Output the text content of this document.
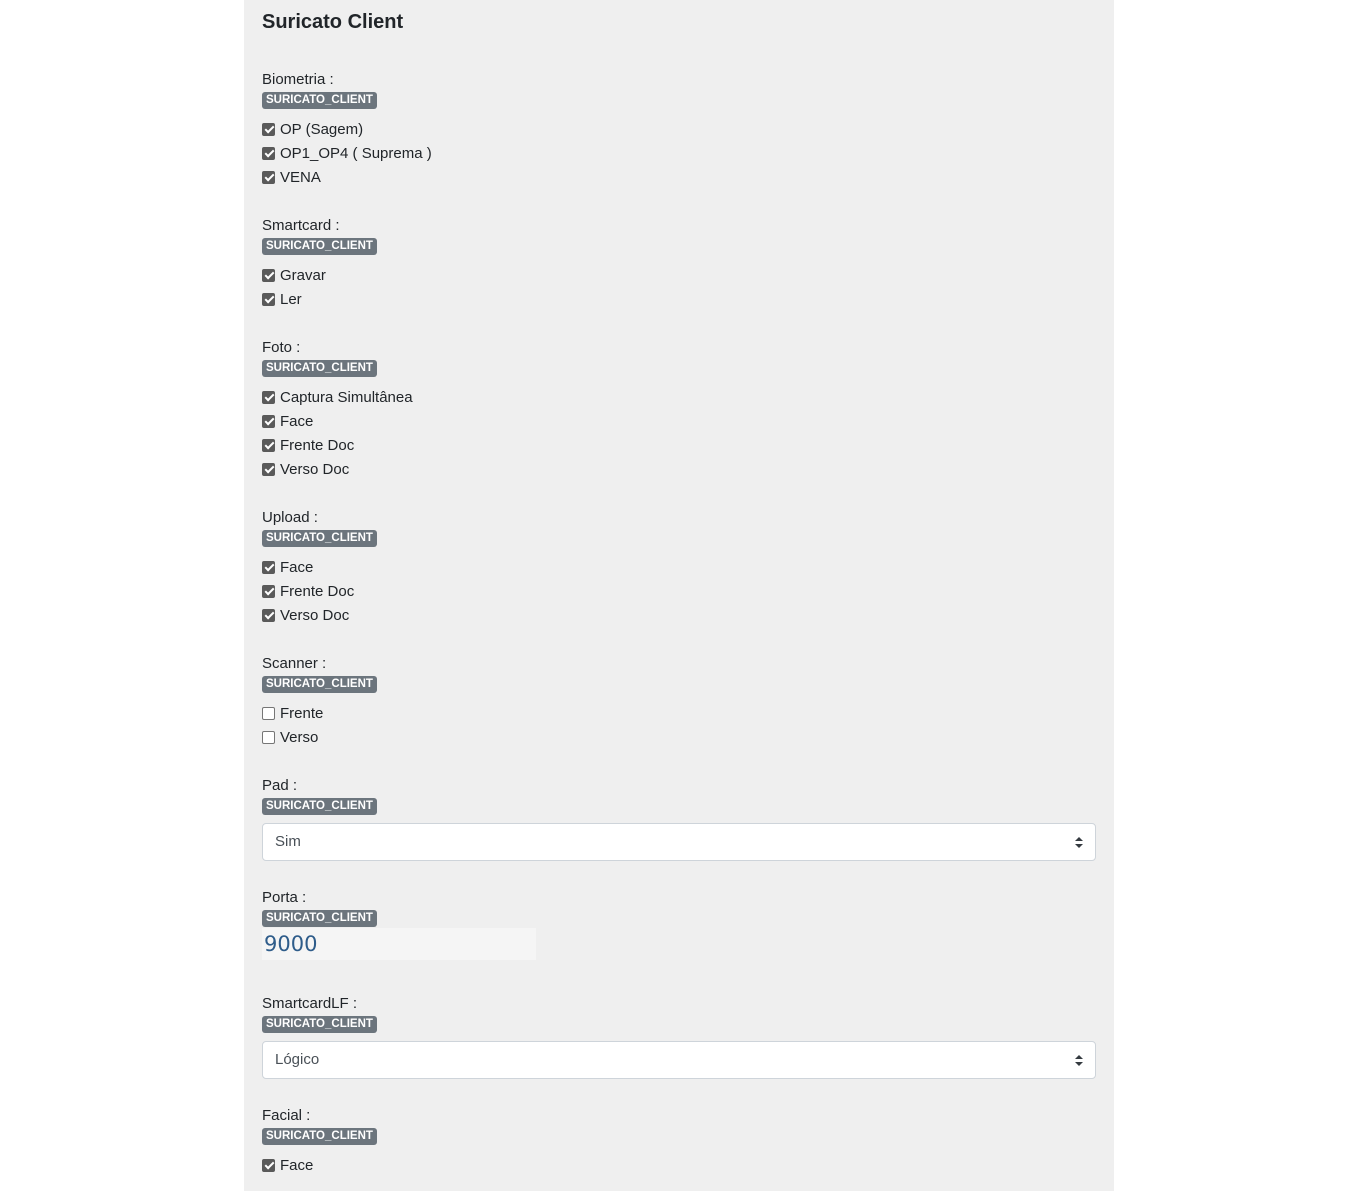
Suricato Client
Biometria :
SURICATO_CLIENT
OP (Sagem)
OP1_OP4 ( Suprema )
VENA
Smartcard :
SURICATO_CLIENT
Gravar
Ler
Foto :
SURICATO_CLIENT
Captura Simultânea
Face
Frente Doc
Verso Doc
Upload :
SURICATO_CLIENT
Face
Frente Doc
Verso Doc
Scanner :
SURICATO_CLIENT
Frente
Verso
Pad :
SURICATO_CLIENT
Sim
Porta :
SURICATO_CLIENT
9000
SmartcardLF :
SURICATO_CLIENT
Lógico
Facial :
SURICATO_CLIENT
Face
